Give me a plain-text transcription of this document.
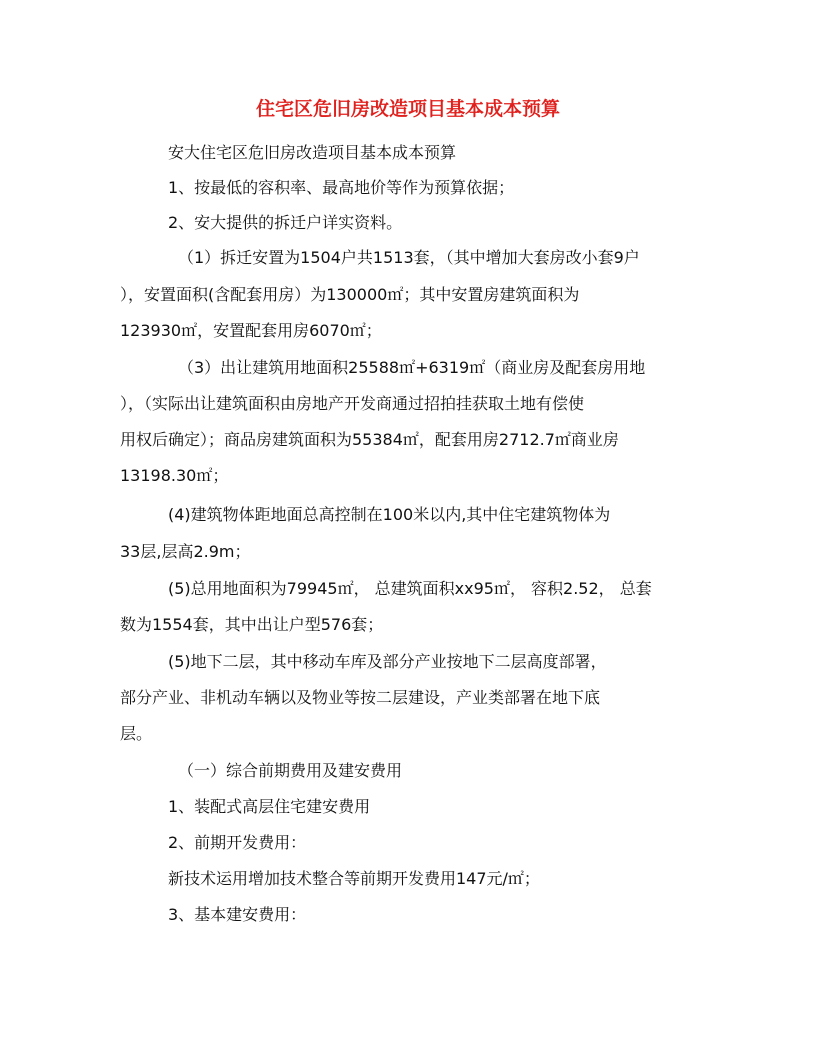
住宅区危旧房改造项目基本成本预算
安大住宅区危旧房改造项目基本成本预算
1、按最低的容积率、最高地价等作为预算依据；
2、安大提供的拆迁户详实资料。
（1）拆迁安置为1504户共1513套，（其中增加大套房改小套9户
），安置面积(含配套用房）为130000㎡；其中安置房建筑面积为
123930㎡，安置配套用房6070㎡；
（3）出让建筑用地面积25588㎡+6319㎡（商业房及配套房用地
），（实际出让建筑面积由房地产开发商通过招拍挂获取土地有偿使
用权后确定）；商品房建筑面积为55384㎡，配套用房2712.7㎡商业房
13198.30㎡；
(4)建筑物体距地面总高控制在100米以内,其中住宅建筑物体为
33层,层高2.9m；
(5)总用地面积为79945㎡， 总建筑面积xx95㎡， 容积2.52， 总套
数为1554套，其中出让户型576套；
(5)地下二层，其中移动车库及部分产业按地下二层高度部署，
部分产业、非机动车辆以及物业等按二层建设，产业类部署在地下底
层。
（一）综合前期费用及建安费用
1、装配式高层住宅建安费用
2、前期开发费用：
新技术运用增加技术整合等前期开发费用147元/㎡；
3、基本建安费用：
